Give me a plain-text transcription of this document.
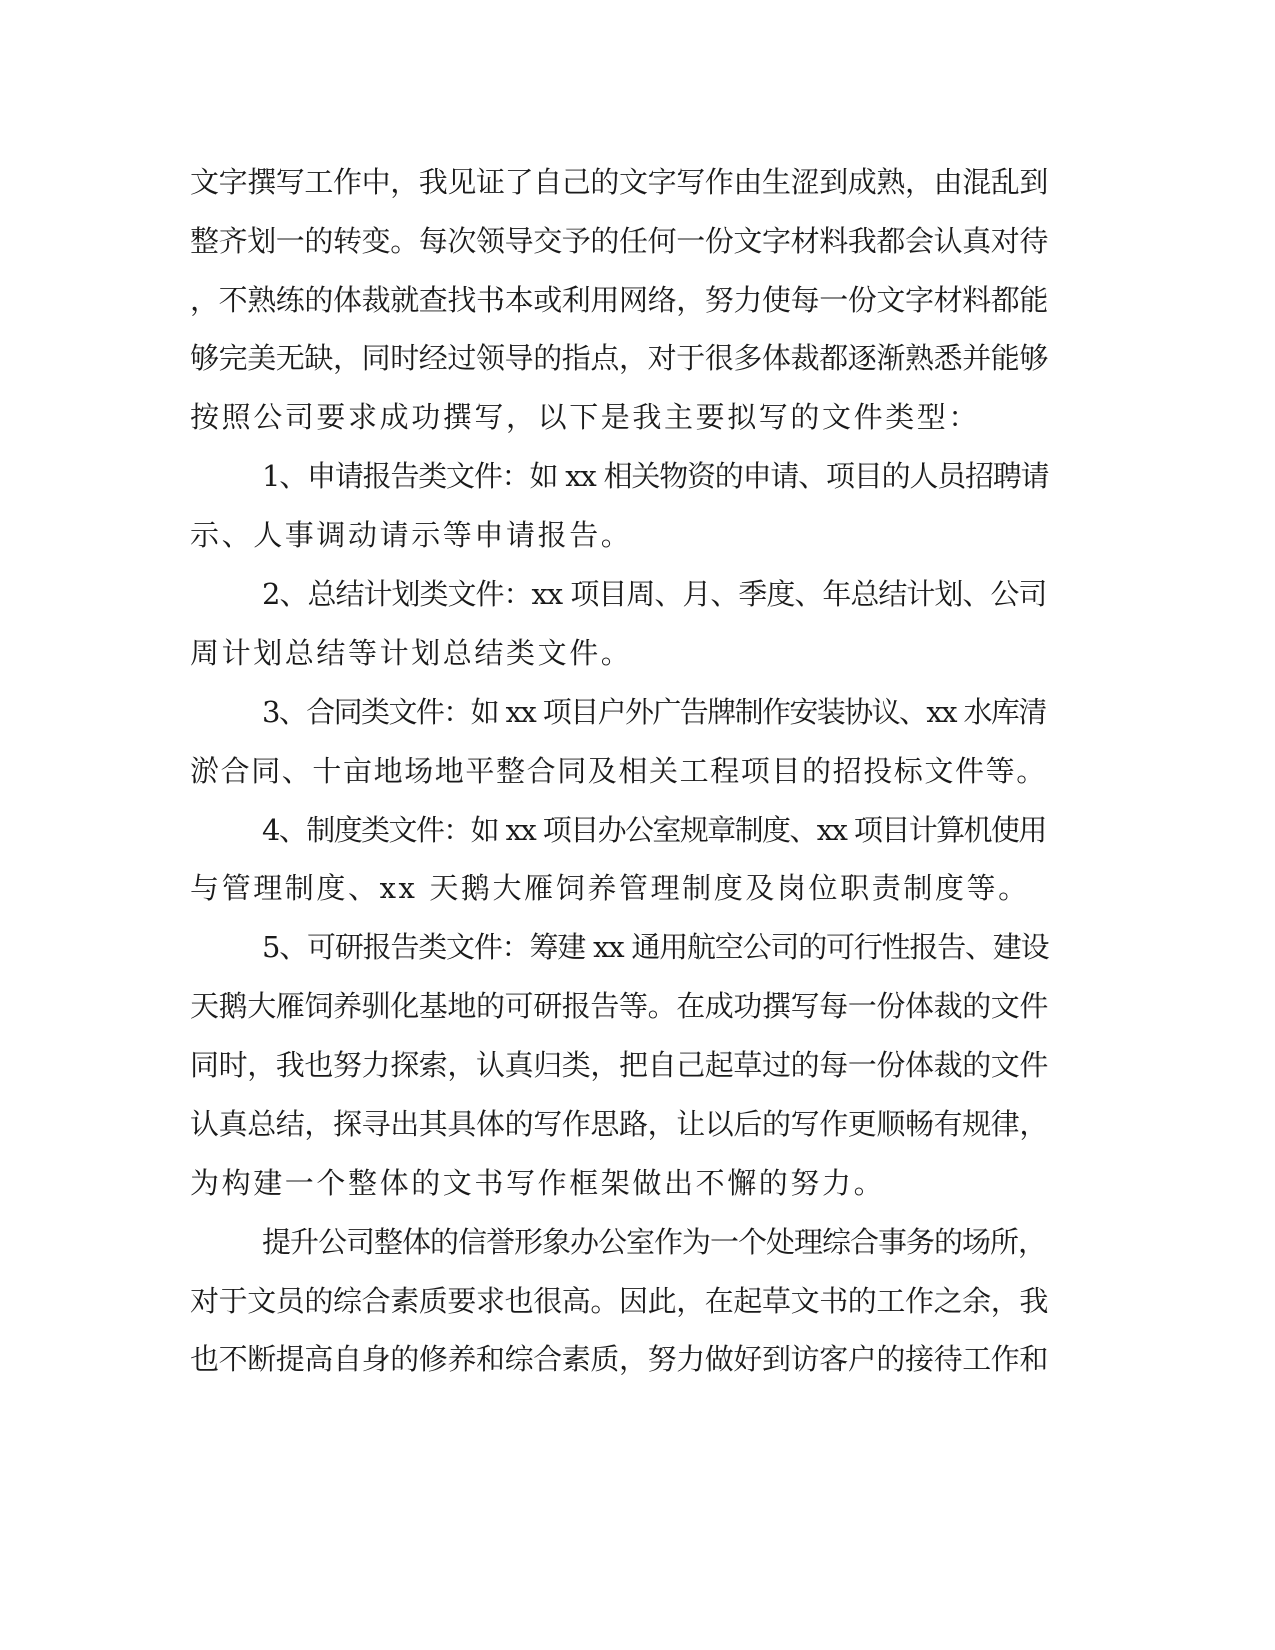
文字撰写工作中，我见证了自己的文字写作由生涩到成熟，由混乱到
整齐划一的转变。每次领导交予的任何一份文字材料我都会认真对待
，不熟练的体裁就查找书本或利用网络，努力使每一份文字材料都能
够完美无缺，同时经过领导的指点，对于很多体裁都逐渐熟悉并能够
按照公司要求成功撰写，以下是我主要拟写的文件类型：
1、申请报告类文件：如 xx 相关物资的申请、项目的人员招聘请
示、人事调动请示等申请报告。
2、总结计划类文件：xx 项目周、月、季度、年总结计划、公司
周计划总结等计划总结类文件。
3、合同类文件：如 xx 项目户外广告牌制作安装协议、xx 水库清
淤合同、十亩地场地平整合同及相关工程项目的招投标文件等。
4、制度类文件：如 xx 项目办公室规章制度、xx 项目计算机使用
与管理制度、xx 天鹅大雁饲养管理制度及岗位职责制度等。
5、可研报告类文件：筹建 xx 通用航空公司的可行性报告、建设
天鹅大雁饲养驯化基地的可研报告等。在成功撰写每一份体裁的文件
同时，我也努力探索，认真归类，把自己起草过的每一份体裁的文件
认真总结，探寻出其具体的写作思路，让以后的写作更顺畅有规律，
为构建一个整体的文书写作框架做出不懈的努力。
提升公司整体的信誉形象办公室作为一个处理综合事务的场所，
对于文员的综合素质要求也很高。因此，在起草文书的工作之余，我
也不断提高自身的修养和综合素质，努力做好到访客户的接待工作和
